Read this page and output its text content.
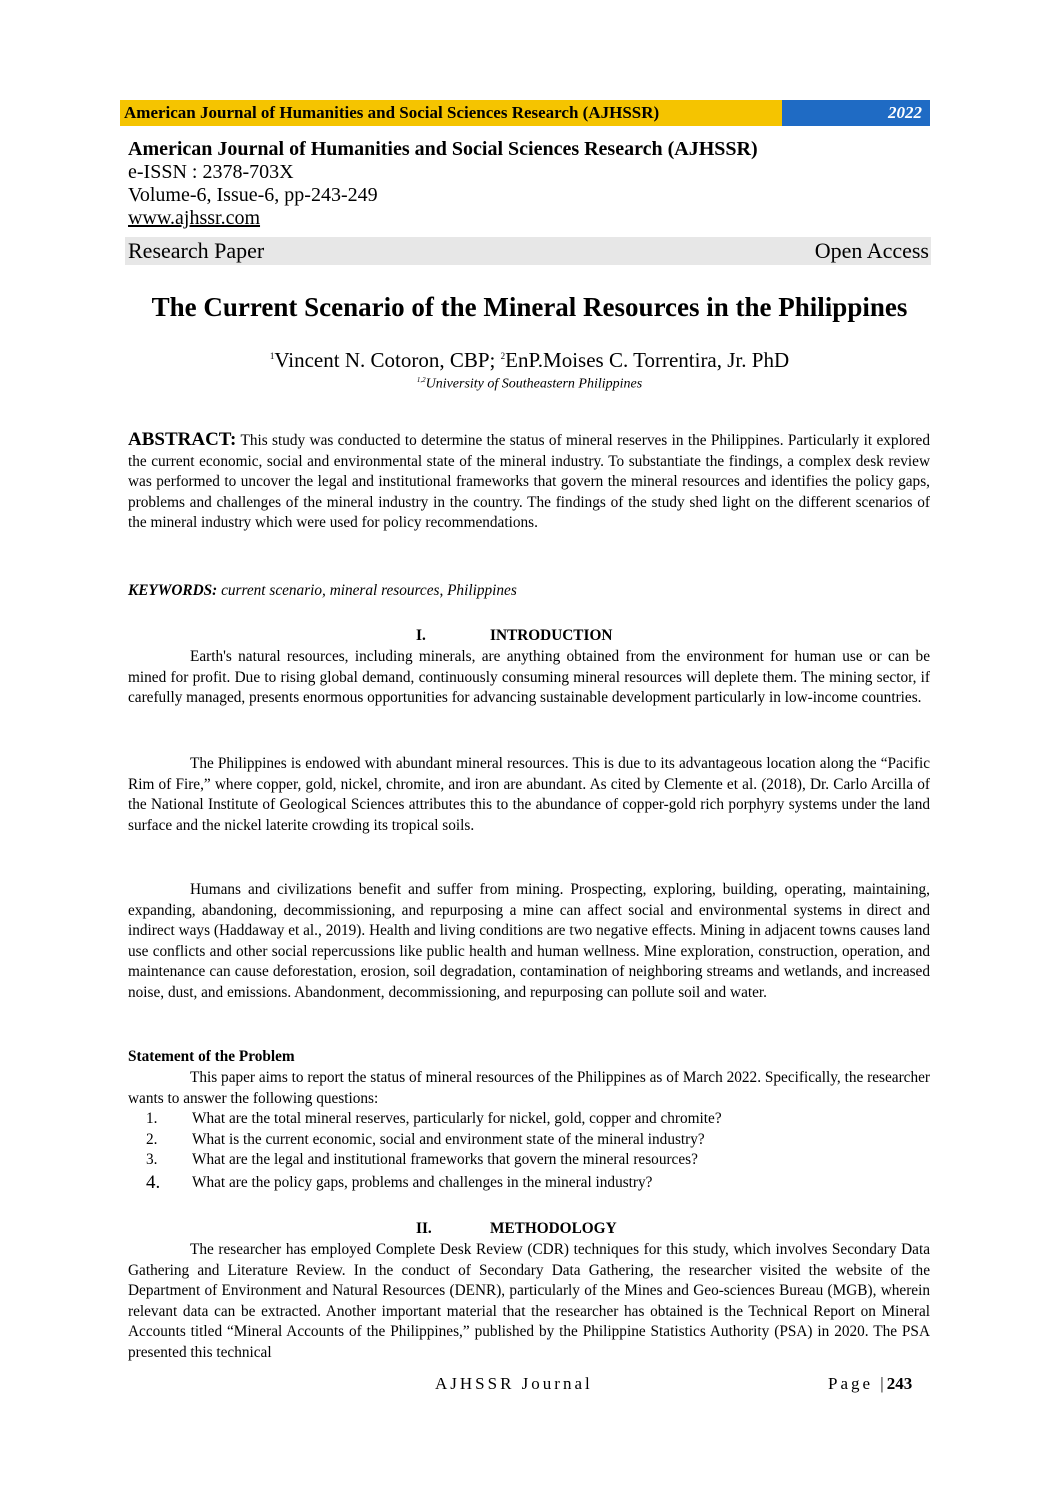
American Journal of Humanities and Social Sciences Research (AJHSSR)	2022
American Journal of Humanities and Social Sciences Research (AJHSSR)
e-ISSN : 2378-703X
Volume-6, Issue-6, pp-243-249
www.ajhssr.com
Research Paper	Open Access
The Current Scenario of the Mineral Resources in the Philippines
$^1$Vincent N. Cotoron, CBP; $^2$EnP.Moises C. Torrentira, Jr. PhD
$^{1,2}$University of Southeastern Philippines
ABSTRACT: This study was conducted to determine the status of mineral reserves in the Philippines. Particularly it explored the current economic, social and environmental state of the mineral industry. To substantiate the findings, a complex desk review was performed to uncover the legal and institutional frameworks that govern the mineral resources and identifies the policy gaps, problems and challenges of the mineral industry in the country. The findings of the study shed light on the different scenarios of the mineral industry which were used for policy recommendations.
KEYWORDS: current scenario, mineral resources, Philippines
I.	INTRODUCTION
Earth's natural resources, including minerals, are anything obtained from the environment for human use or can be mined for profit. Due to rising global demand, continuously consuming mineral resources will deplete them. The mining sector, if carefully managed, presents enormous opportunities for advancing sustainable development particularly in low-income countries.
The Philippines is endowed with abundant mineral resources. This is due to its advantageous location along the “Pacific Rim of Fire,” where copper, gold, nickel, chromite, and iron are abundant. As cited by Clemente et al. (2018), Dr. Carlo Arcilla of the National Institute of Geological Sciences attributes this to the abundance of copper-gold rich porphyry systems under the land surface and the nickel laterite crowding its tropical soils.
Humans and civilizations benefit and suffer from mining. Prospecting, exploring, building, operating, maintaining, expanding, abandoning, decommissioning, and repurposing a mine can affect social and environmental systems in direct and indirect ways (Haddaway et al., 2019). Health and living conditions are two negative effects. Mining in adjacent towns causes land use conflicts and other social repercussions like public health and human wellness. Mine exploration, construction, operation, and maintenance can cause deforestation, erosion, soil degradation, contamination of neighboring streams and wetlands, and increased noise, dust, and emissions. Abandonment, decommissioning, and repurposing can pollute soil and water.
Statement of the Problem
This paper aims to report the status of mineral resources of the Philippines as of March 2022. Specifically, the researcher wants to answer the following questions:
1. What are the total mineral reserves, particularly for nickel, gold, copper and chromite?
2. What is the current economic, social and environment state of the mineral industry?
3. What are the legal and institutional frameworks that govern the mineral resources?
4. What are the policy gaps, problems and challenges in the mineral industry?
II.	METHODOLOGY
The researcher has employed Complete Desk Review (CDR) techniques for this study, which involves Secondary Data Gathering and Literature Review. In the conduct of Secondary Data Gathering, the researcher visited the website of the Department of Environment and Natural Resources (DENR), particularly of the Mines and Geo-sciences Bureau (MGB), wherein relevant data can be extracted. Another important material that the researcher has obtained is the Technical Report on Mineral Accounts titled “Mineral Accounts of the Philippines,” published by the Philippine Statistics Authority (PSA) in 2020. The PSA presented this technical
AJHSSR Journal	Page |243
